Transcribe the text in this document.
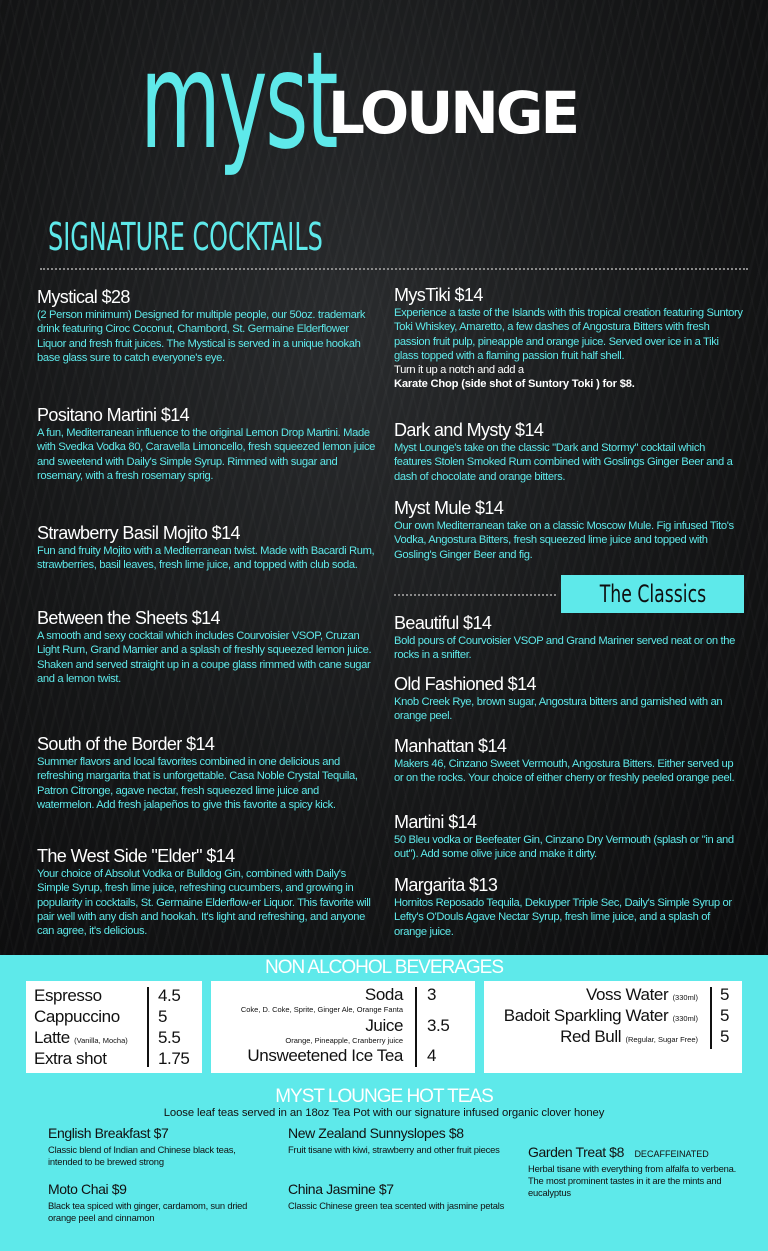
myst
LOUNGE
SIGNATURE COCKTAILS
Mystical $28
(2 Person minimum) Designed for multiple people, our 50oz. trademark drink featuring Ciroc Coconut, Chambord, St. Germaine Elderflower Liquor and fresh fruit juices. The Mystical is served in a unique hookah base glass sure to catch everyone's eye.
Positano Martini $14
A fun, Mediterranean influence to the original Lemon Drop Martini. Made with Svedka Vodka 80, Caravella Limoncello, fresh squeezed lemon juice and sweetend with Daily's Simple Syrup. Rimmed with sugar and rosemary, with a fresh rosemary sprig.
Strawberry Basil Mojito $14
Fun and fruity Mojito with a Mediterranean twist. Made with Bacardi Rum, strawberries, basil leaves, fresh lime juice, and topped with club soda.
Between the Sheets $14
A smooth and sexy cocktail which includes Courvoisier VSOP, Cruzan Light Rum, Grand Marnier and a splash of freshly squeezed lemon juice. Shaken and served straight up in a coupe glass rimmed with cane sugar and a lemon twist.
South of the Border $14
Summer flavors and local favorites combined in one delicious and refreshing margarita that is unforgettable. Casa Noble Crystal Tequila, Patron Citronge, agave nectar, fresh squeezed lime juice and watermelon. Add fresh jalapeños to give this favorite a spicy kick.
The West Side "Elder" $14
Your choice of Absolut Vodka or Bulldog Gin, combined with Daily's Simple Syrup, fresh lime juice, refreshing cucumbers, and growing in popularity in cocktails, St. Germaine Elderflow-er Liquor. This favorite will pair well with any dish and hookah. It's light and refreshing, and anyone can agree, it's delicious.
MysTiki $14
Experience a taste of the Islands with this tropical creation featuring Suntory Toki Whiskey, Amaretto, a few dashes of Angostura Bitters with fresh passion fruit pulp, pineapple and orange juice. Served over ice in a Tiki glass topped with a flaming passion fruit half shell.
Turn it up a notch and add a
Karate Chop (side shot of Suntory Toki ) for $8.
Dark and Mysty $14
Myst Lounge's take on the classic "Dark and Stormy" cocktail which features Stolen Smoked Rum combined with Goslings Ginger Beer and a dash of chocolate and orange bitters.
Myst Mule $14
Our own Mediterranean take on a classic Moscow Mule. Fig infused Tito's Vodka, Angostura Bitters, fresh squeezed lime juice and topped with Gosling's Ginger Beer and fig.
The Classics
Beautiful $14
Bold pours of Courvoisier VSOP and Grand Mariner served neat or on the rocks in a snifter.
Old Fashioned $14
Knob Creek Rye, brown sugar, Angostura bitters and garnished with an orange peel.
Manhattan $14
Makers 46, Cinzano Sweet Vermouth, Angostura Bitters. Either served up or on the rocks. Your choice of either cherry or freshly peeled orange peel.
Martini $14
50 Bleu vodka or Beefeater Gin, Cinzano Dry Vermouth (splash or "in and out"). Add some olive juice and make it dirty.
Margarita $13
Hornitos Reposado Tequila, Dekuyper Triple Sec, Daily's Simple Syrup or Lefty's O'Douls Agave Nectar Syrup, fresh lime juice, and a splash of orange juice.
NON ALCOHOL BEVERAGES
Espresso	4.5
Cappuccino 5
Latte (Vanilla, Mocha) 5.5
Extra shot	1.75
Soda
Coke, D. Coke, Sprite, Ginger Ale, Orange Fanta
3
Juice
Orange, Pineapple, Cranberry juice
3.5
Unsweetened Ice Tea 4
Voss Water (330ml) 5
Badoit Sparkling Water (330ml) 5
Red Bull (Regular, Sugar Free) 5
MYST LOUNGE HOT TEAS
Loose leaf teas served in an 18oz Tea Pot with our signature infused organic clover honey
English Breakfast $7
Classic blend of Indian and Chinese black teas, intended to be brewed strong
Moto Chai $9
Black tea spiced with ginger, cardamom, sun dried orange peel and cinnamon
New Zealand Sunnyslopes $8
Fruit tisane with kiwi, strawberry and other fruit pieces
China Jasmine $7
Classic Chinese green tea scented with jasmine petals
Garden Treat $8 DECAFFEINATED
Herbal tisane with everything from alfalfa to verbena. The most prominent tastes in it are the mints and eucalyptus
